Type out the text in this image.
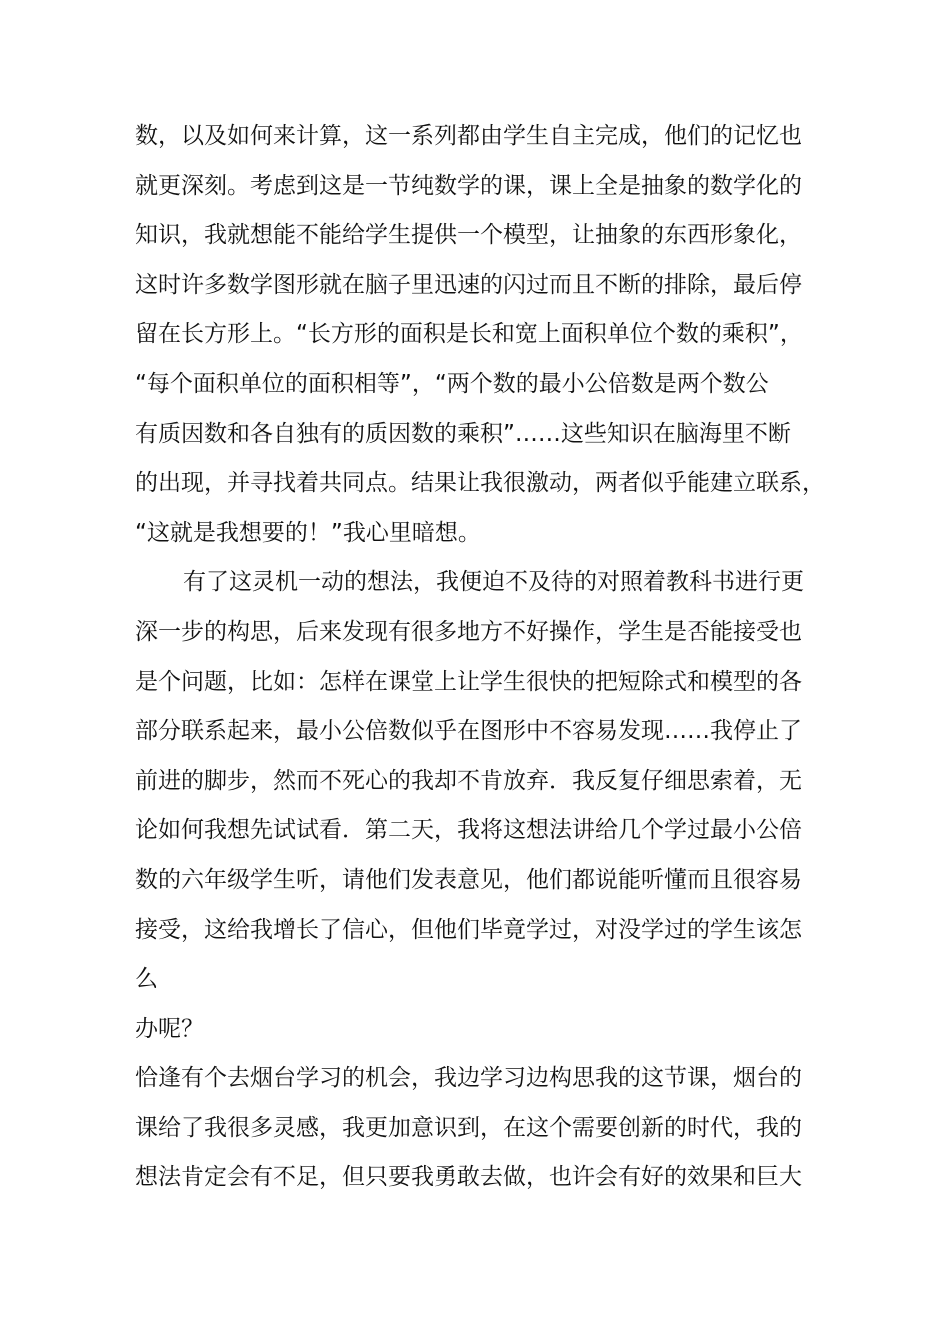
数，以及如何来计算，这一系列都由学生自主完成，他们的记忆也
就更深刻。考虑到这是一节纯数学的课，课上全是抽象的数学化的
知识，我就想能不能给学生提供一个模型，让抽象的东西形象化，
这时许多数学图形就在脑子里迅速的闪过而且不断的排除，最后停
留在长方形上。“长方形的面积是长和宽上面积单位个数的乘积”，
“每个面积单位的面积相等”，“两个数的最小公倍数是两个数公
有质因数和各自独有的质因数的乘积”……这些知识在脑海里不断
的出现，并寻找着共同点。结果让我很激动，两者似乎能建立联系，
“这就是我想要的！”我心里暗想。
有了这灵机一动的想法，我便迫不及待的对照着教科书进行更
深一步的构思，后来发现有很多地方不好操作，学生是否能接受也
是个问题，比如：怎样在课堂上让学生很快的把短除式和模型的各
部分联系起来，最小公倍数似乎在图形中不容易发现……我停止了
前进的脚步，然而不死心的我却不肯放弃．我反复仔细思索着，无
论如何我想先试试看．第二天，我将这想法讲给几个学过最小公倍
数的六年级学生听，请他们发表意见，他们都说能听懂而且很容易
接受，这给我增长了信心，但他们毕竟学过，对没学过的学生该怎
么
办呢？
恰逢有个去烟台学习的机会，我边学习边构思我的这节课，烟台的
课给了我很多灵感，我更加意识到，在这个需要创新的时代，我的
想法肯定会有不足，但只要我勇敢去做，也许会有好的效果和巨大
